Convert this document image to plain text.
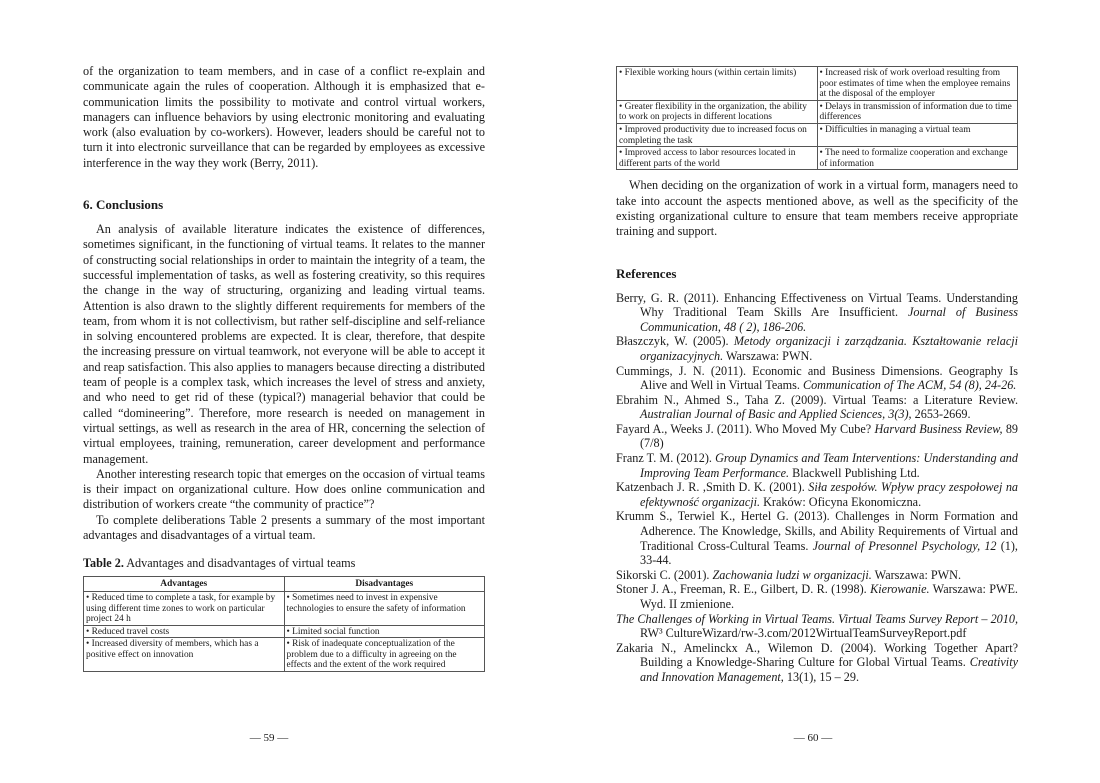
of the organization to team members, and in case of a conflict re-explain and communicate again the rules of cooperation. Although it is emphasized that e-communication limits the possibility to motivate and control virtual workers, managers can influence behaviors by using electronic monitoring and evaluating work (also evaluation by co-workers). However, leaders should be careful not to turn it into electronic surveillance that can be regarded by employees as excessive interference in the way they work (Berry, 2011).

6. Conclusions

An analysis of available literature indicates the existence of differences, sometimes significant, in the functioning of virtual teams. It relates to the manner of constructing social relationships in order to maintain the integrity of a team, the successful implementation of tasks, as well as fostering creativity, so this requires the change in the way of structuring, organizing and leading virtual teams. Attention is also drawn to the slightly different requirements for members of the team, from whom it is not collectivism, but rather self-discipline and self-reliance in solving encountered problems are expected. It is clear, therefore, that despite the increasing pressure on virtual teamwork, not everyone will be able to accept it and reap satisfaction. This also applies to managers because directing a distributed team of people is a complex task, which increases the level of stress and anxiety, and who need to get rid of these (typical?) managerial behavior that could be called “domineering”. Therefore, more research is needed on management in virtual settings, as well as research in the area of HR, concerning the selection of virtual employees, training, remuneration, career development and performance management.

Another interesting research topic that emerges on the occasion of virtual teams is their impact on organizational culture. How does online communication and distribution of workers create “the community of practice”?

To complete deliberations Table 2 presents a summary of the most important advantages and disadvantages of a virtual team.

Table 2. Advantages and disadvantages of virtual teams
Advantages	Disadvantages
• Reduced time to complete a task, for example by using different time zones to work on particular project 24 h	• Sometimes need to invest in expensive technologies to ensure the safety of information
• Reduced travel costs	• Limited social function
• Increased diversity of members, which has a positive effect on innovation	• Risk of inadequate conceptualization of the problem due to a difficulty in agreeing on the effects and the extent of the work required
— 59 —
• Flexible working hours (within certain limits)	• Increased risk of work overload resulting from poor estimates of time when the employee remains at the disposal of the employer
• Greater flexibility in the organization, the ability to work on projects in different locations	• Delays in transmission of information due to time differences
• Improved productivity due to increased focus on completing the task	• Difficulties in managing a virtual team
• Improved access to labor resources located in different parts of the world	• The need to formalize cooperation and exchange of information

When deciding on the organization of work in a virtual form, managers need to take into account the aspects mentioned above, as well as the specificity of the existing organizational culture to ensure that team members receive appropriate training and support.

References

Berry, G. R. (2011). Enhancing Effectiveness on Virtual Teams. Understanding Why Traditional Team Skills Are Insufficient. Journal of Business Communication, 48 ( 2), 186-206.

Błaszczyk, W. (2005). Metody organizacji i zarządzania. Kształtowanie relacji organizacyjnych. Warszawa: PWN.

Cummings, J. N. (2011). Economic and Business Dimensions. Geography Is Alive and Well in Virtual Teams. Communication of The ACM, 54 (8), 24-26.

Ebrahim N., Ahmed S., Taha Z. (2009). Virtual Teams: a Literature Review. Australian Journal of Basic and Applied Sciences, 3(3), 2653-2669.

Fayard A., Weeks J. (2011). Who Moved My Cube? Harvard Business Review, 89 (7/8)

Franz T. M. (2012). Group Dynamics and Team Interventions: Understanding and Improving Team Performance. Blackwell Publishing Ltd.

Katzenbach J. R. ,Smith D. K. (2001). Siła zespołów. Wpływ pracy zespołowej na efektywność organizacji. Kraków: Oficyna Ekonomiczna.

Krumm S., Terwiel K., Hertel G. (2013). Challenges in Norm Formation and Adherence. The Knowledge, Skills, and Ability Requirements of Virtual and Traditional Cross-Cultural Teams. Journal of Presonnel Psychology, 12 (1), 33-44.

Sikorski C. (2001). Zachowania ludzi w organizacji. Warszawa: PWN.

Stoner J. A., Freeman, R. E., Gilbert, D. R. (1998). Kierowanie. Warszawa: PWE. Wyd. II zmienione.

The Challenges of Working in Virtual Teams. Virtual Teams Survey Report – 2010, RW³ CultureWizard/rw-3.com/2012WirtualTeamSurveyReport.pdf

Zakaria N., Amelinckx A., Wilemon D. (2004). Working Together Apart? Building a Knowledge-Sharing Culture for Global Virtual Teams. Creativity and Innovation Management, 13(1), 15 – 29.

— 60 —
